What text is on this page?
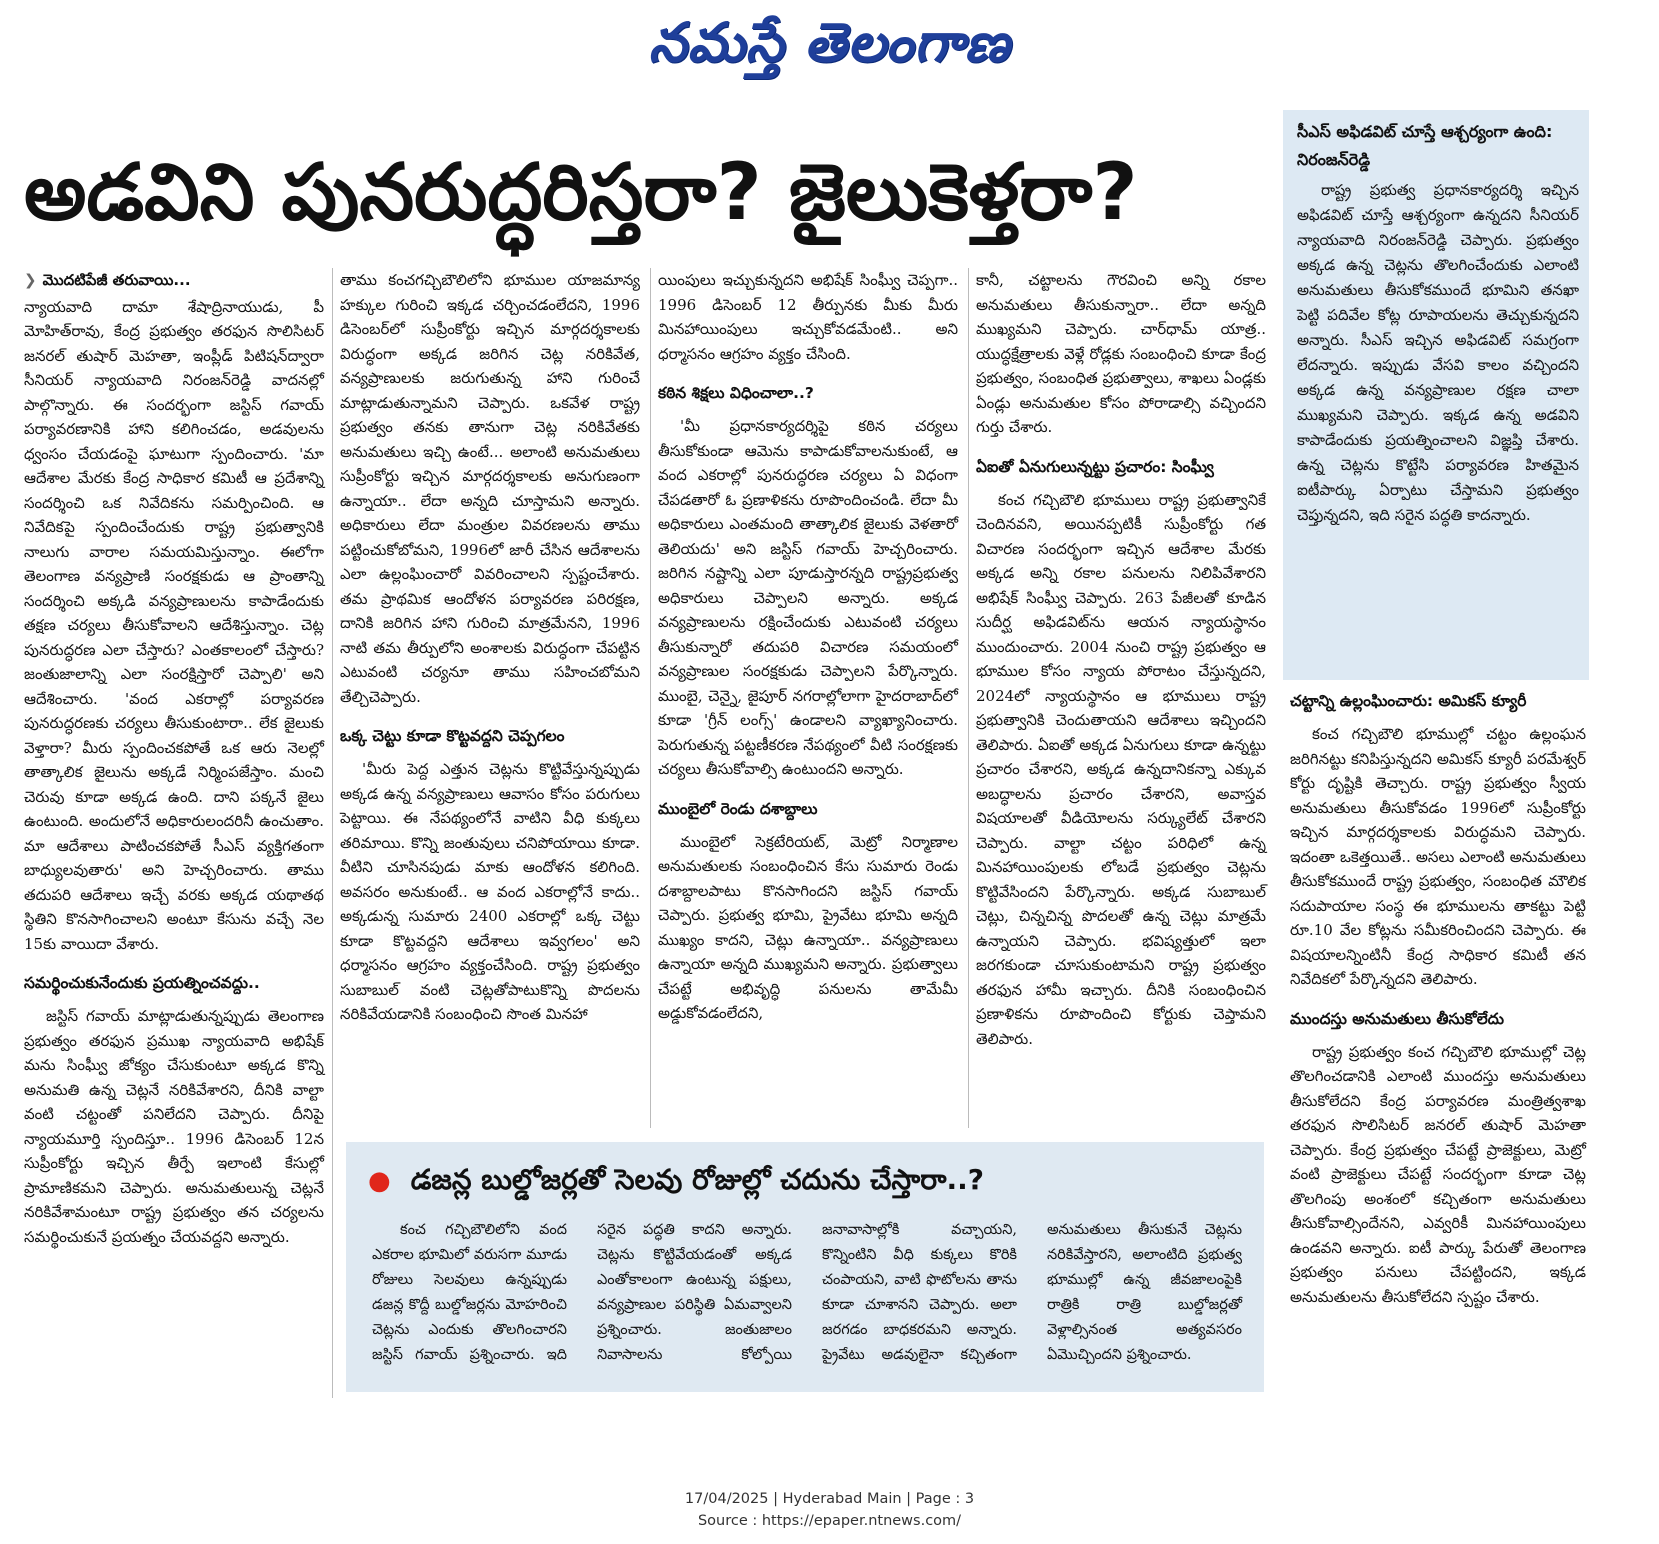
నమస్తే తెలంగాణ
అడవిని పునరుద్ధరిస్తరా? జైలుకెళ్తరా?
❯ మొదటిపేజీ తరువాయి...

న్యాయవాది దామా శేషాద్రినాయుడు, పీ మోహిత్‌రావు, కేంద్ర ప్రభుత్వం తరఫున సొలిసిటర్ జనరల్ తుషార్ మెహతా, ఇంప్లీడ్ పిటిషన్‌ద్వారా సీనియర్ న్యాయవాది నిరంజన్‌రెడ్డి వాదనల్లో పాల్గొన్నారు. ఈ సందర్భంగా జస్టిస్ గవాయ్ పర్యావరణానికి హాని కలిగించడం, అడవులను ధ్వంసం చేయడంపై ఘాటుగా స్పందించారు. 'మా ఆదేశాల మేరకు కేంద్ర సాధికార కమిటీ ఆ ప్రదేశాన్ని సందర్శించి ఒక నివేదికను సమర్పించింది. ఆ నివేదికపై స్పందించేందుకు రాష్ట్ర ప్రభుత్వానికి నాలుగు వారాల సమయమిస్తున్నాం. ఈలోగా తెలంగాణ వన్యప్రాణి సంరక్షకుడు ఆ ప్రాంతాన్ని సందర్శించి అక్కడి వన్యప్రాణులను కాపాడేందుకు తక్షణ చర్యలు తీసుకోవాలని ఆదేశిస్తున్నాం. చెట్ల పునరుద్ధరణ ఎలా చేస్తారు? ఎంతకాలంలో చేస్తారు? జంతుజాలాన్ని ఎలా సంరక్షిస్తారో చెప్పాలి' అని ఆదేశించారు. 'వంద ఎకరాల్లో పర్యావరణ పునరుద్ధరణకు చర్యలు తీసుకుంటారా.. లేక జైలుకు వెళ్తారా? మీరు స్పందించకపోతే ఒక ఆరు నెలల్లో తాత్కాలిక జైలును అక్కడే నిర్మింపజేస్తాం. మంచి చెరువు కూడా అక్కడ ఉంది. దాని పక్కనే జైలు ఉంటుంది. అందులోనే అధికారులందరినీ ఉంచుతాం. మా ఆదేశాలు పాటించకపోతే సీఎస్ వ్యక్తిగతంగా బాధ్యులవుతారు' అని హెచ్చరించారు. తాము తదుపరి ఆదేశాలు ఇచ్చే వరకు అక్కడ యథాతథ స్థితిని కొనసాగించాలని అంటూ కేసును వచ్చే నెల 15కు వాయిదా వేశారు.

సమర్థించుకునేందుకు ప్రయత్నించవద్దు..

జస్టిస్ గవాయ్ మాట్లాడుతున్నప్పుడు తెలంగాణ ప్రభుత్వం తరఫున ప్రముఖ న్యాయవాది అభిషేక్ మను సింఘ్వీ జోక్యం చేసుకుంటూ అక్కడ కొన్ని అనుమతి ఉన్న చెట్లనే నరికివేశారని, దీనికి వాల్టా వంటి చట్టంతో పనిలేదని చెప్పారు. దీనిపై న్యాయమూర్తి స్పందిస్తూ.. 1996 డిసెంబర్ 12న సుప్రీంకోర్టు ఇచ్చిన తీర్పే ఇలాంటి కేసుల్లో ప్రామాణికమని చెప్పారు. అనుమతులున్న చెట్లనే నరికివేశామంటూ రాష్ట్ర ప్రభుత్వం తన చర్యలను సమర్థించుకునే ప్రయత్నం చేయవద్దని అన్నారు.

తాము కంచగచ్చిబౌలిలోని భూముల యాజమాన్య హక్కుల గురించి ఇక్కడ చర్చించడంలేదని, 1996 డిసెంబర్‌లో సుప్రీంకోర్టు ఇచ్చిన మార్గదర్శకాలకు విరుద్ధంగా అక్కడ జరిగిన చెట్ల నరికివేత, వన్యప్రాణులకు జరుగుతున్న హాని గురించే మాట్లాడుతున్నామని చెప్పారు. ఒకవేళ రాష్ట్ర ప్రభుత్వం తనకు తానుగా చెట్ల నరికివేతకు అనుమతులు ఇచ్చి ఉంటే... అలాంటి అనుమతులు సుప్రీంకోర్టు ఇచ్చిన మార్గదర్శకాలకు అనుగుణంగా ఉన్నాయా.. లేదా అన్నది చూస్తామని అన్నారు. అధికారులు లేదా మంత్రుల వివరణలను తాము పట్టించుకోబోమని, 1996లో జారీ చేసిన ఆదేశాలను ఎలా ఉల్లంఘించారో వివరించాలని స్పష్టంచేశారు. తమ ప్రాథమిక ఆందోళన పర్యావరణ పరిరక్షణ, దానికి జరిగిన హాని గురించి మాత్రమేనని, 1996 నాటి తమ తీర్పులోని అంశాలకు విరుద్ధంగా చేపట్టిన ఎటువంటి చర్యనూ తాము సహించబోమని తేల్చిచెప్పారు.

ఒక్క చెట్టు కూడా కొట్టవద్దని చెప్పగలం

'మీరు పెద్ద ఎత్తున చెట్లను కొట్టివేస్తున్నప్పుడు అక్కడ ఉన్న వన్యప్రాణులు ఆవాసం కోసం పరుగులు పెట్టాయి. ఈ నేపథ్యంలోనే వాటిని వీధి కుక్కలు తరిమాయి. కొన్ని జంతువులు చనిపోయాయి కూడా. వీటిని చూసినపుడు మాకు ఆందోళన కలిగింది. అవసరం అనుకుంటే.. ఆ వంద ఎకరాల్లోనే కాదు.. అక్కడున్న సుమారు 2400 ఎకరాల్లో ఒక్క చెట్టు కూడా కొట్టవద్దని ఆదేశాలు ఇవ్వగలం' అని ధర్మాసనం ఆగ్రహం వ్యక్తంచేసింది. రాష్ట్ర ప్రభుత్వం సుబాబుల్ వంటి చెట్లతోపాటుకొన్ని పొదలను నరికివేయడానికి సంబంధించి సొంత మినహా

యింపులు ఇచ్చుకున్నదని అభిషేక్ సింఘ్వీ చెప్పగా.. 1996 డిసెంబర్ 12 తీర్పునకు మీకు మీరు మినహాయింపులు ఇచ్చుకోవడమేంటి.. అని ధర్మాసనం ఆగ్రహం వ్యక్తం చేసింది.

కఠిన శిక్షలు విధించాలా..?

'మీ ప్రధానకార్యదర్శిపై కఠిన చర్యలు తీసుకోకుండా ఆమెను కాపాడుకోవాలనుకుంటే, ఆ వంద ఎకరాల్లో పునరుద్ధరణ చర్యలు ఏ విధంగా చేపడతారో ఓ ప్రణాళికను రూపొందించండి. లేదా మీ అధికారులు ఎంతమంది తాత్కాలిక జైలుకు వెళతారో తెలియదు' అని జస్టిస్ గవాయ్ హెచ్చరించారు. జరిగిన నష్టాన్ని ఎలా పూడుస్తారన్నది రాష్ట్రప్రభుత్వ అధికారులు చెప్పాలని అన్నారు. అక్కడ వన్యప్రాణులను రక్షించేందుకు ఎటువంటి చర్యలు తీసుకున్నారో తదుపరి విచారణ సమయంలో వన్యప్రాణుల సంరక్షకుడు చెప్పాలని పేర్కొన్నారు. ముంబై, చెన్నై, జైపూర్ నగరాల్లోలాగా హైదరాబాద్‌లో కూడా 'గ్రీన్ లంగ్స్' ఉండాలని వ్యాఖ్యానించారు. పెరుగుతున్న పట్టణీకరణ నేపథ్యంలో వీటి సంరక్షణకు చర్యలు తీసుకోవాల్సి ఉంటుందని అన్నారు.

ముంబైలో రెండు దశాబ్దాలు

ముంబైలో సెక్రటేరియట్, మెట్రో నిర్మాణాల అనుమతులకు సంబంధించిన కేసు సుమారు రెండు దశాబ్దాలపాటు కొనసాగిందని జస్టిస్ గవాయ్ చెప్పారు. ప్రభుత్వ భూమి, ప్రైవేటు భూమి అన్నది ముఖ్యం కాదని, చెట్లు ఉన్నాయా.. వన్యప్రాణులు ఉన్నాయా అన్నది ముఖ్యమని అన్నారు. ప్రభుత్వాలు చేపట్టే అభివృద్ధి పనులను తామేమీ అడ్డుకోవడంలేదని,

కానీ, చట్టాలను గౌరవించి అన్ని రకాల అనుమతులు తీసుకున్నారా.. లేదా అన్నది ముఖ్యమని చెప్పారు. చార్‌ధామ్ యాత్ర.. యుద్ధక్షేత్రాలకు వెళ్లే రోడ్లకు సంబంధించి కూడా కేంద్ర ప్రభుత్వం, సంబంధిత ప్రభుత్వాలు, శాఖలు ఏండ్లకు ఏండ్లు అనుమతుల కోసం పోరాడాల్సి వచ్చిందని గుర్తు చేశారు.

ఏఐతో ఏనుగులున్నట్టు ప్రచారం: సింఘ్వీ

కంచ గచ్చిబౌలి భూములు రాష్ట్ర ప్రభుత్వానికే చెందినవని, అయినప్పటికీ సుప్రీంకోర్టు గత విచారణ సందర్భంగా ఇచ్చిన ఆదేశాల మేరకు అక్కడ అన్ని రకాల పనులను నిలిపివేశారని అభిషేక్ సింఘ్వీ చెప్పారు. 263 పేజీలతో కూడిన సుదీర్ఘ అఫిడవిట్‌ను ఆయన న్యాయస్థానం ముందుంచారు. 2004 నుంచి రాష్ట్ర ప్రభుత్వం ఆ భూముల కోసం న్యాయ పోరాటం చేస్తున్నదని, 2024లో న్యాయస్థానం ఆ భూములు రాష్ట్ర ప్రభుత్వానికి చెందుతాయని ఆదేశాలు ఇచ్చిందని తెలిపారు. ఏఐతో అక్కడ ఏనుగులు కూడా ఉన్నట్టు ప్రచారం చేశారని, అక్కడ ఉన్నదానికన్నా ఎక్కువ అబద్ధాలను ప్రచారం చేశారని, అవాస్తవ విషయాలతో వీడియోలను సర్క్యులేట్ చేశారని చెప్పారు. వాల్టా చట్టం పరిధిలో ఉన్న మినహాయింపులకు లోబడే ప్రభుత్వం చెట్లను కొట్టివేసిందని పేర్కొన్నారు. అక్కడ సుబాబుల్ చెట్లు, చిన్నచిన్న పొదలతో ఉన్న చెట్లు మాత్రమే ఉన్నాయని చెప్పారు. భవిష్యత్తులో ఇలా జరగకుండా చూసుకుంటామని రాష్ట్ర ప్రభుత్వం తరఫున హామీ ఇచ్చారు. దీనికి సంబంధించిన ప్రణాళికను రూపొందించి కోర్టుకు చెప్తామని తెలిపారు.

సీఎస్ అఫిడవిట్ చూస్తే ఆశ్చర్యంగా ఉంది: నిరంజన్‌రెడ్డి

రాష్ట్ర ప్రభుత్వ ప్రధానకార్యదర్శి ఇచ్చిన అఫిడవిట్ చూస్తే ఆశ్చర్యంగా ఉన్నదని సీనియర్ న్యాయవాది నిరంజన్‌రెడ్డి చెప్పారు. ప్రభుత్వం అక్కడ ఉన్న చెట్లను తొలగించేందుకు ఎలాంటి అనుమతులు తీసుకోకముందే భూమిని తనఖా పెట్టి పదివేల కోట్ల రూపాయలను తెచ్చుకున్నదని అన్నారు. సీఎస్ ఇచ్చిన అఫిడవిట్ సమగ్రంగా లేదన్నారు. ఇప్పుడు వేసవి కాలం వచ్చిందని అక్కడ ఉన్న వన్యప్రాణుల రక్షణ చాలా ముఖ్యమని చెప్పారు. ఇక్కడ ఉన్న అడవిని కాపాడేందుకు ప్రయత్నించాలని విజ్ఞప్తి చేశారు. ఉన్న చెట్లను కొట్టేసి పర్యావరణ హితమైన ఐటీపార్కు ఏర్పాటు చేస్తామని ప్రభుత్వం చెప్తున్నదని, ఇది సరైన పద్ధతి కాదన్నారు.

చట్టాన్ని ఉల్లంఘించారు: అమికస్ క్యూరీ

కంచ గచ్చిబౌలి భూముల్లో చట్టం ఉల్లంఘన జరిగినట్టు కనిపిస్తున్నదని అమికస్ క్యూరీ పరమేశ్వర్ కోర్టు దృష్టికి తెచ్చారు. రాష్ట్ర ప్రభుత్వం స్వీయ అనుమతులు తీసుకోవడం 1996లో సుప్రీంకోర్టు ఇచ్చిన మార్గదర్శకాలకు విరుద్ధమని చెప్పారు. ఇదంతా ఒకెత్తయితే.. అసలు ఎలాంటి అనుమతులు తీసుకోకముందే రాష్ట్ర ప్రభుత్వం, సంబంధిత మౌలిక సదుపాయాల సంస్థ ఈ భూములను తాకట్టు పెట్టి రూ.10 వేల కోట్లను సమీకరించిందని చెప్పారు. ఈ విషయాలన్నింటినీ కేంద్ర సాధికార కమిటీ తన నివేదికలో పేర్కొన్నదని తెలిపారు.

ముందస్తు అనుమతులు తీసుకోలేదు

రాష్ట్ర ప్రభుత్వం కంచ గచ్చిబౌలి భూముల్లో చెట్ల తొలగించడానికి ఎలాంటి ముందస్తు అనుమతులు తీసుకోలేదని కేంద్ర పర్యావరణ మంత్రిత్వశాఖ తరఫున సొలిసిటర్ జనరల్ తుషార్ మెహతా చెప్పారు. కేంద్ర ప్రభుత్వం చేపట్టే ప్రాజెక్టులు, మెట్రో వంటి ప్రాజెక్టులు చేపట్టే సందర్భంగా కూడా చెట్ల తొలగింపు అంశంలో కచ్చితంగా అనుమతులు తీసుకోవాల్సిందేనని, ఎవ్వరికీ మినహాయింపులు ఉండవని అన్నారు. ఐటీ పార్కు పేరుతో తెలంగాణ ప్రభుత్వం పనులు చేపట్టిందని, ఇక్కడ అనుమతులను తీసుకోలేదని స్పష్టం చేశారు.

● డజన్ల బుల్డోజర్లతో సెలవు రోజుల్లో చదును చేస్తారా..?

కంచ గచ్చిబౌలిలోని వంద ఎకరాల భూమిలో వరుసగా మూడు రోజులు సెలవులు ఉన్నప్పుడు డజన్ల కొద్దీ బుల్డోజర్లను మోహరించి చెట్లను ఎందుకు తొలగించారని జస్టిస్ గవాయ్ ప్రశ్నించారు. ఇది సరైన పద్ధతి కాదని అన్నారు. చెట్లను కొట్టివేయడంతో అక్కడ ఎంతోకాలంగా ఉంటున్న పక్షులు, వన్యప్రాణుల పరిస్థితి ఏమవ్వాలని ప్రశ్నించారు. జంతుజాలం నివాసాలను కోల్పోయి జనావాసాల్లోకి వచ్చాయని, కొన్నింటిని వీధి కుక్కలు కొరికి చంపాయని, వాటి ఫొటోలను తాను కూడా చూశానని చెప్పారు. అలా జరగడం బాధకరమని అన్నారు. ప్రైవేటు అడవులైనా కచ్చితంగా అనుమతులు తీసుకునే చెట్లను నరికివేస్తారని, అలాంటిది ప్రభుత్వ భూముల్లో ఉన్న జీవజాలంపైకి రాత్రికి రాత్రి బుల్డోజర్లతో వెళ్లాల్సినంత అత్యవసరం ఏమొచ్చిందని ప్రశ్నించారు.

17/04/2025 | Hyderabad Main | Page : 3
Source : https://epaper.ntnews.com/
